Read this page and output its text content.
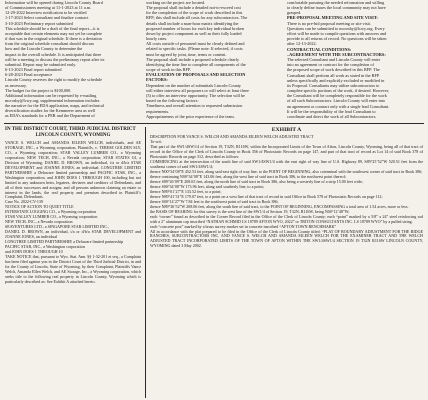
Information will be opened during Lincoln County Board

of Commissioners meeting at 11-1-2023 at 11 a.m.

12-29-2022 Interview notification to be verified

1-17-2023 Select consultant and finalize contract

3-10-2023 Preliminary report submitted

This schedule should be a draft of the final report—it is

acceptable that certain elements may not yet be complete

if that was in the original schedule. If there is a deviation

from the original schedule consultant should discuss

how and the Lincoln County to determine the

impact to the overall schedule. It is anticipated that there

will be a meeting to discuss the preliminary report after its

submittal. Report may be submitted early.

6-13-2023 Final report submitted

6-28-2023 Final acceptance

Lincoln County reserves the right to modify the schedule

as necessary.

The budget for the project is $100,000.

Additional information can be requested by e-mailing

mcrosby@lcwy.org; supplemental information includes

the narrative for the EDA application, maps, and technical

diversification studies for the Kemmerer area as well

as EDA’s standards for a PER and the Department of

working on the project are located.

The proposal shall include a detailed not-to-exceed cost

for the completion of the scope of work described in this

RFP; this shall include all costs for any subcontractors. The

details shall include a man-hour matrix identifying the

proposed number of hours for each key individual broken

down by project component as well as their fully loaded

hourly rates.

All costs outside of personnel must be clearly defined and

related to specific tasks. (Please note: If selected, if costs

must be agreed by joint, time, terms or content.

The proposal shall include a proposed schedule clearly

identifying the time line to complete all components of the

scope of work in this RFP.

EVALUATION OF PROPOSALS AND SELECTION

FACTORS:

Dependent on the number of submittals Lincoln County

will either interview all proposers or will select at least three

(3) to offer an interview opportunity. The selection will be

based on the following factors:

Timeliness and overall attention to requested submission

requirements.

Appropriateness of the prior experience of the team.

comfortable pursuing the needed reformation and willing

to clearly define issues the local community may not have

grasped.

PRE-PROPOSAL MEETING AND SITE VISIT:

There is no pre-bid proposal meeting or site visit.

Questions can be submitted to mcrosby@lcwy.org. Every

effort will be made to compile questions with answers and

provide to all returns of record. No questions will be taken

after 12-13-2022.

CONTRACTUAL CONDITIONS:

–AGREEMENT WITH THE SUBCONTRACTORS:

The selected Consultant and Lincoln County will enter

into an agreement or contract for the completion of

the proposed scope of work described in this RFP. The

Consultant shall perform all work as stated in the RFP

unless specifically and explicitly excluded or modified in

its Proposal. Consultants may utilize subcontractors to

complete specific portions of the work, if desired. However,

the Consultant will be completely responsible for the work

of all such Subcontractors. Lincoln County will enter into

an agreement or contract only with a single lead Consultant.

It will be the responsibility of the lead Consultant to

coordinate and direct the work of all Subcontractors.

IN THE DISTRICT COURT, THIRD JUDICIAL DISTRICT

LINCOLN COUNTY, WYOMING

VANCE S. WELCH and AMANDA EILEEN WELCH, individuals, and AE STORAGE, INC., a Wyoming corporation, Plaintiffs, v. TERESE GOLDEN SLY, CO., a Wyoming corporation; STAR VALLEY LUMBER CO., a Wyoming corporation; NEW TECH, INC., a Nevada corporation; STAR STATES GI, a Division of Wyoming, DANIEL D. BROWN, an individual, t/a or d/b/a STAR DEVELOPMENT and JOANNE JONES, an individual; LONGTREE LIMITED PARTNERSHIP, a Delaware limited partnership and PACIFIC STAR, INC., a Washington corporation, and JOHN DOES 1 THROUGH 100, including but not limited to any unknown heirs, legatees, devisees and creditors of Defendants, and all of their successors and assigns; and all persons unknown claiming an estate or interest in the lands, the real property and premises described in Plaintiff’s Complaint, Defendants.

Case No. 2022-CV-139

NOTICE OF ACTION TO QUIET TITLE

INTERSTATE LOGGING CO., a Wyoming corporation

STAR VALLEY LUMBER CO., a Wyoming corporation

NEW TECH, INC., a Nevada corporation

SEAVENTURES LTD., a SINGAPORE STAR LIMITED INC.,

DANIEL D. BROWN, an individual, t/a or d/b/a STAR DEVELOPMENT and JOANNE JONES, an individual

LONGTREE LIMITED PARTNERSHIP, a Delaware limited partnership

PACIFIC STAR, INC., a Washington corporation

and JOHN DOES 1 THROUGH 10

TAKE NOTICE that, pursuant to Wyo. Stat. Ann. §§ 1-32-201 et seq., a Complaint has been filed against you in the District Court of the Third Judicial District, in and for the County of Lincoln, State of Wyoming, by their Complaint, Plaintiffs Vance Welch, Amanda Ellen Welch, and AE Storage, Inc., a Wyoming corporation, which seeks title to the following real property in Lincoln County, Wyoming which is particularly described as: See Exhibit A attached hereto.

EXHIBIT A

DESCRIPTION FOR VANCE S. WELCH AND AMANDA EILEEN WELCH ADJUSTED TRACT

To-wit:

That part of the SW1/4SW1/4 of Section 19, T32N, R116W, within the Incorporated Limits of the Town of Afton, Lincoln County, Wyoming, being all of that tract of record in the Office of the Clerk of Lincoln County in Book 356 of Photostatic Records on page 147, and part of that tract of record as Lot 14 of said Book 378 of Photostatic Records on page 312, described as follows:

COMMENCING at the intersection of the south line of said SW1/4SW1/4 with the east right of way line of U.S. Highway 89, S89°25’52”W 520.51 feet from the southeast corner of said SW1/4SW1/4;

thence N00°34’08”E 452.53 feet, along said east right of way line, to the POINT OF BEGINNING, also coterminal with the southwest corner of said tract in Book 386;

thence continuing N00°34’08”E 143.06 feet, along the west line of said tract in Book 386, to the northwest point thereof;

thence S89°26’09”E 208.65 feet, along the north line of said tract in Book 386, also being a westerly line of a strip 15.00 feet wide;

thence S00°34’08”W 173.96 feet, along said southerly line, to a point;

thence N89°01’27”E 133.52 feet, to a point;

thence N89°41’31”E 179.07 feet, to a point on a west line of that tract of record in said Office in Book 578 of Photostatic Records on page 112;

thence S00°14’27”W 7.84 feet to the southwest point of said tract in Book 386;

thence N89°36’52”W 208.06 feet, along the south line of said tract, to the POINT OF BEGINNING, ENCOMPASSING a total area of 1.54 acres, more or less.

the BASIS OF BEARING for this survey is the west line of the SW1/4 of Section 19, T32N, R116W, being N00°12’48”W;

each “corner” found as described in the Corner Record filed in the Office of the Clerk of Lincoln County; each “point” marked by a 5/8” x 24” steel reinforcing rod with a 2” aluminum cap inscribed “NATHAN SCHMID LS 18789 AFTON WYO, 2022” or TRITON CONSULTANTS INC. LS 18789 WYO” by a pulled string.

each “concrete post” marked by a brass survey marker set in concrete inscribed “AFTON TOWN BENCHMARK”

All in accordance with the plat prepared to be filed in the Office of the Clerk of Lincoln County titled: “PLAT OF BOUNDARY ADJUSTMENT FOR THE RIDGE RANCHES, SUBCONTRACTORS INC. AND VANCE S. WELCH AND AMANDA EILEEN WELCH FOR THE EXAMINER TRACT AND THE WELCH ADJUSTED TRACT INCORPORATED LIMITS OF THE TOWN OF AFTON WITHIN THE SW1/4SW1/4 SECTION 19 T32N R116W LINCOLN COUNTY, WYOMING dated 3 May 2002.
